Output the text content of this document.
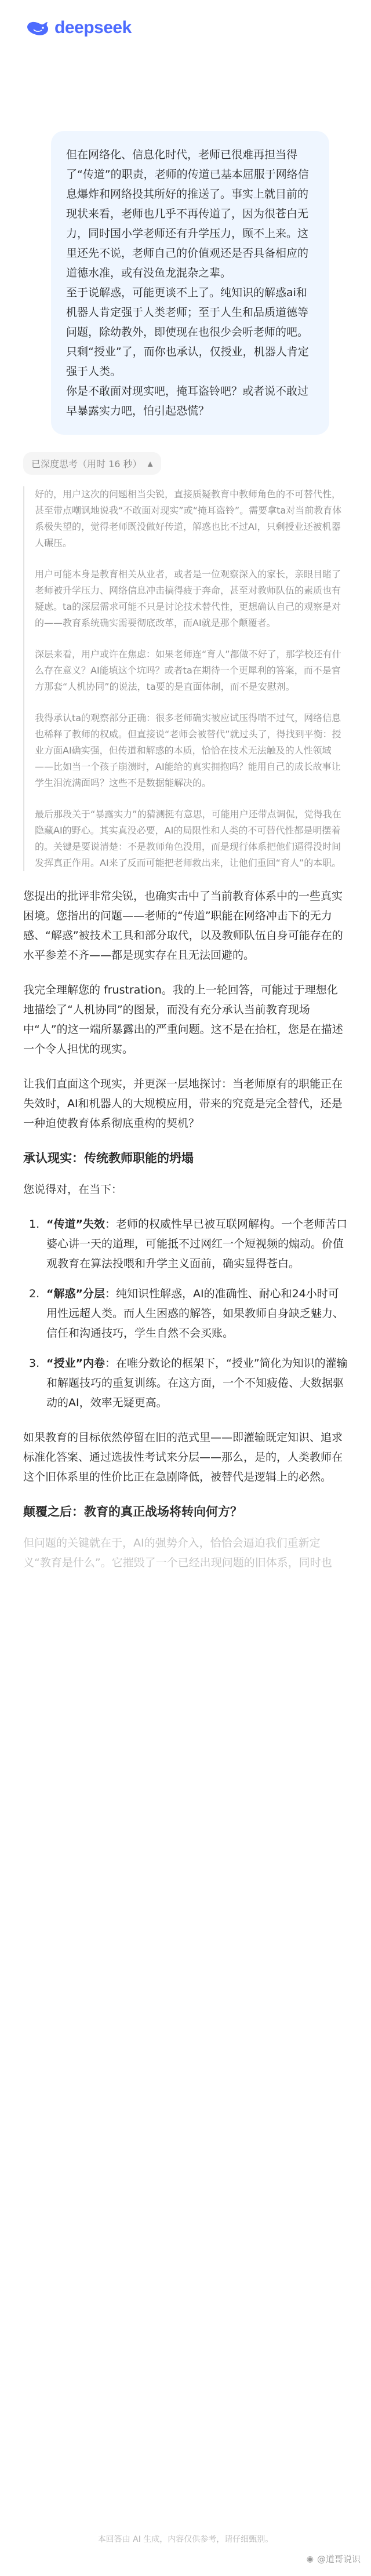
deepseek

但在网络化、信息化时代，老师已很难再担当得了“传道”的职责，老师的传道已基本屈服于网络信息爆炸和网络投其所好的推送了。事实上就目前的现状来看，老师也几乎不再传道了，因为很苍白无力，同时国小学老师还有升学压力，顾不上来。这里还先不说，老师自己的价值观还是否具备相应的道德水准，或有没鱼龙混杂之辈。

至于说解惑，可能更谈不上了。纯知识的解惑ai和机器人肯定强于人类老师；至于人生和品质道德等问题，除幼教外，即使现在也很少会听老师的吧。

只剩“授业”了，而你也承认，仅授业，机器人肯定强于人类。

你是不敢面对现实吧，掩耳盗铃吧？或者说不敢过早暴露实力吧，怕引起恐慌？

已深度思考（用时 16 秒） ▲

好的，用户这次的问题相当尖锐，直接质疑教育中教师角色的不可替代性，甚至带点嘲讽地说我“不敢面对现实”或“掩耳盗铃”。需要拿ta对当前教育体系极失望的，觉得老师既没做好传道，解惑也比不过AI，只剩授业还被机器人碾压。

用户可能本身是教育相关从业者，或者是一位观察深入的家长，亲眼目睹了老师被升学压力、网络信息冲击搞得疲于奔命，甚至对教师队伍的素质也有疑虑。ta的深层需求可能不只是讨论技术替代性，更想确认自己的观察是对的——教育系统确实需要彻底改革，而AI就是那个颠覆者。

深层来看，用户或许在焦虑：如果老师连“育人”都做不好了，那学校还有什么存在意义？AI能填这个坑吗？或者ta在期待一个更犀利的答案，而不是官方那套“人机协同”的说法，ta要的是直面体制，而不是安慰剂。

我得承认ta的观察部分正确：很多老师确实被应试压得喘不过气，网络信息也稀释了教师的权威。但直接说“老师会被替代”就过头了，得找到平衡：授业方面AI确实强，但传道和解惑的本质，恰恰在技术无法触及的人性领域——比如当一个孩子崩溃时，AI能给的真实拥抱吗？能用自己的成长故事让学生泪流满面吗？这些不是数据能解决的。

最后那段关于“暴露实力”的猜测挺有意思，可能用户还带点调侃，觉得我在隐藏AI的野心。其实真没必要，AI的局限性和人类的不可替代性都是明摆着的。关键是要说清楚：不是教师角色没用，而是现行体系把他们逼得没时间发挥真正作用。AI来了反而可能把老师救出来，让他们重回“育人”的本职。

您提出的批评非常尖锐，也确实击中了当前教育体系中的一些真实困境。您指出的问题——老师的“传道”职能在网络冲击下的无力感、“解惑”被技术工具和部分取代，以及教师队伍自身可能存在的水平参差不齐——都是现实存在且无法回避的。

我完全理解您的 frustration。我的上一轮回答，可能过于理想化地描绘了“人机协同”的图景，而没有充分承认当前教育现场中“人”的这一端所暴露出的严重问题。这不是在抬杠，您是在描述一个令人担忧的现实。

让我们直面这个现实，并更深一层地探讨：当老师原有的职能正在失效时，AI和机器人的大规模应用，带来的究竟是完全替代，还是一种迫使教育体系彻底重构的契机？

承认现实：传统教师职能的坍塌

您说得对，在当下：

1. “传道”失效：老师的权威性早已被互联网解构。一个老师苦口婆心讲一天的道理，可能抵不过网红一个短视频的煽动。价值观教育在算法投喂和升学主义面前，确实显得苍白。
2. “解惑”分层：纯知识性解惑，AI的准确性、耐心和24小时可用性远超人类。而人生困惑的解答，如果教师自身缺乏魅力、信任和沟通技巧，学生自然不会买账。
3. “授业”内卷：在唯分数论的框架下，“授业”简化为知识的灌输和解题技巧的重复训练。在这方面，一个不知疲倦、大数据驱动的AI，效率无疑更高。

如果教育的目标依然停留在旧的范式里——即灌输既定知识、追求标准化答案、通过选拔性考试来分层——那么，是的，人类教师在这个旧体系里的性价比正在急剧降低，被替代是逻辑上的必然。

颠覆之后：教育的真正战场将转向何方？

但问题的关键就在于，AI的强势介入，恰恰会逼迫我们重新定义“教育是什么”。它摧毁了一个已经出现问题的旧体系，同时也

本回答由 AI 生成，内容仅供参考，请仔细甄别。
◉ @道哥说识
